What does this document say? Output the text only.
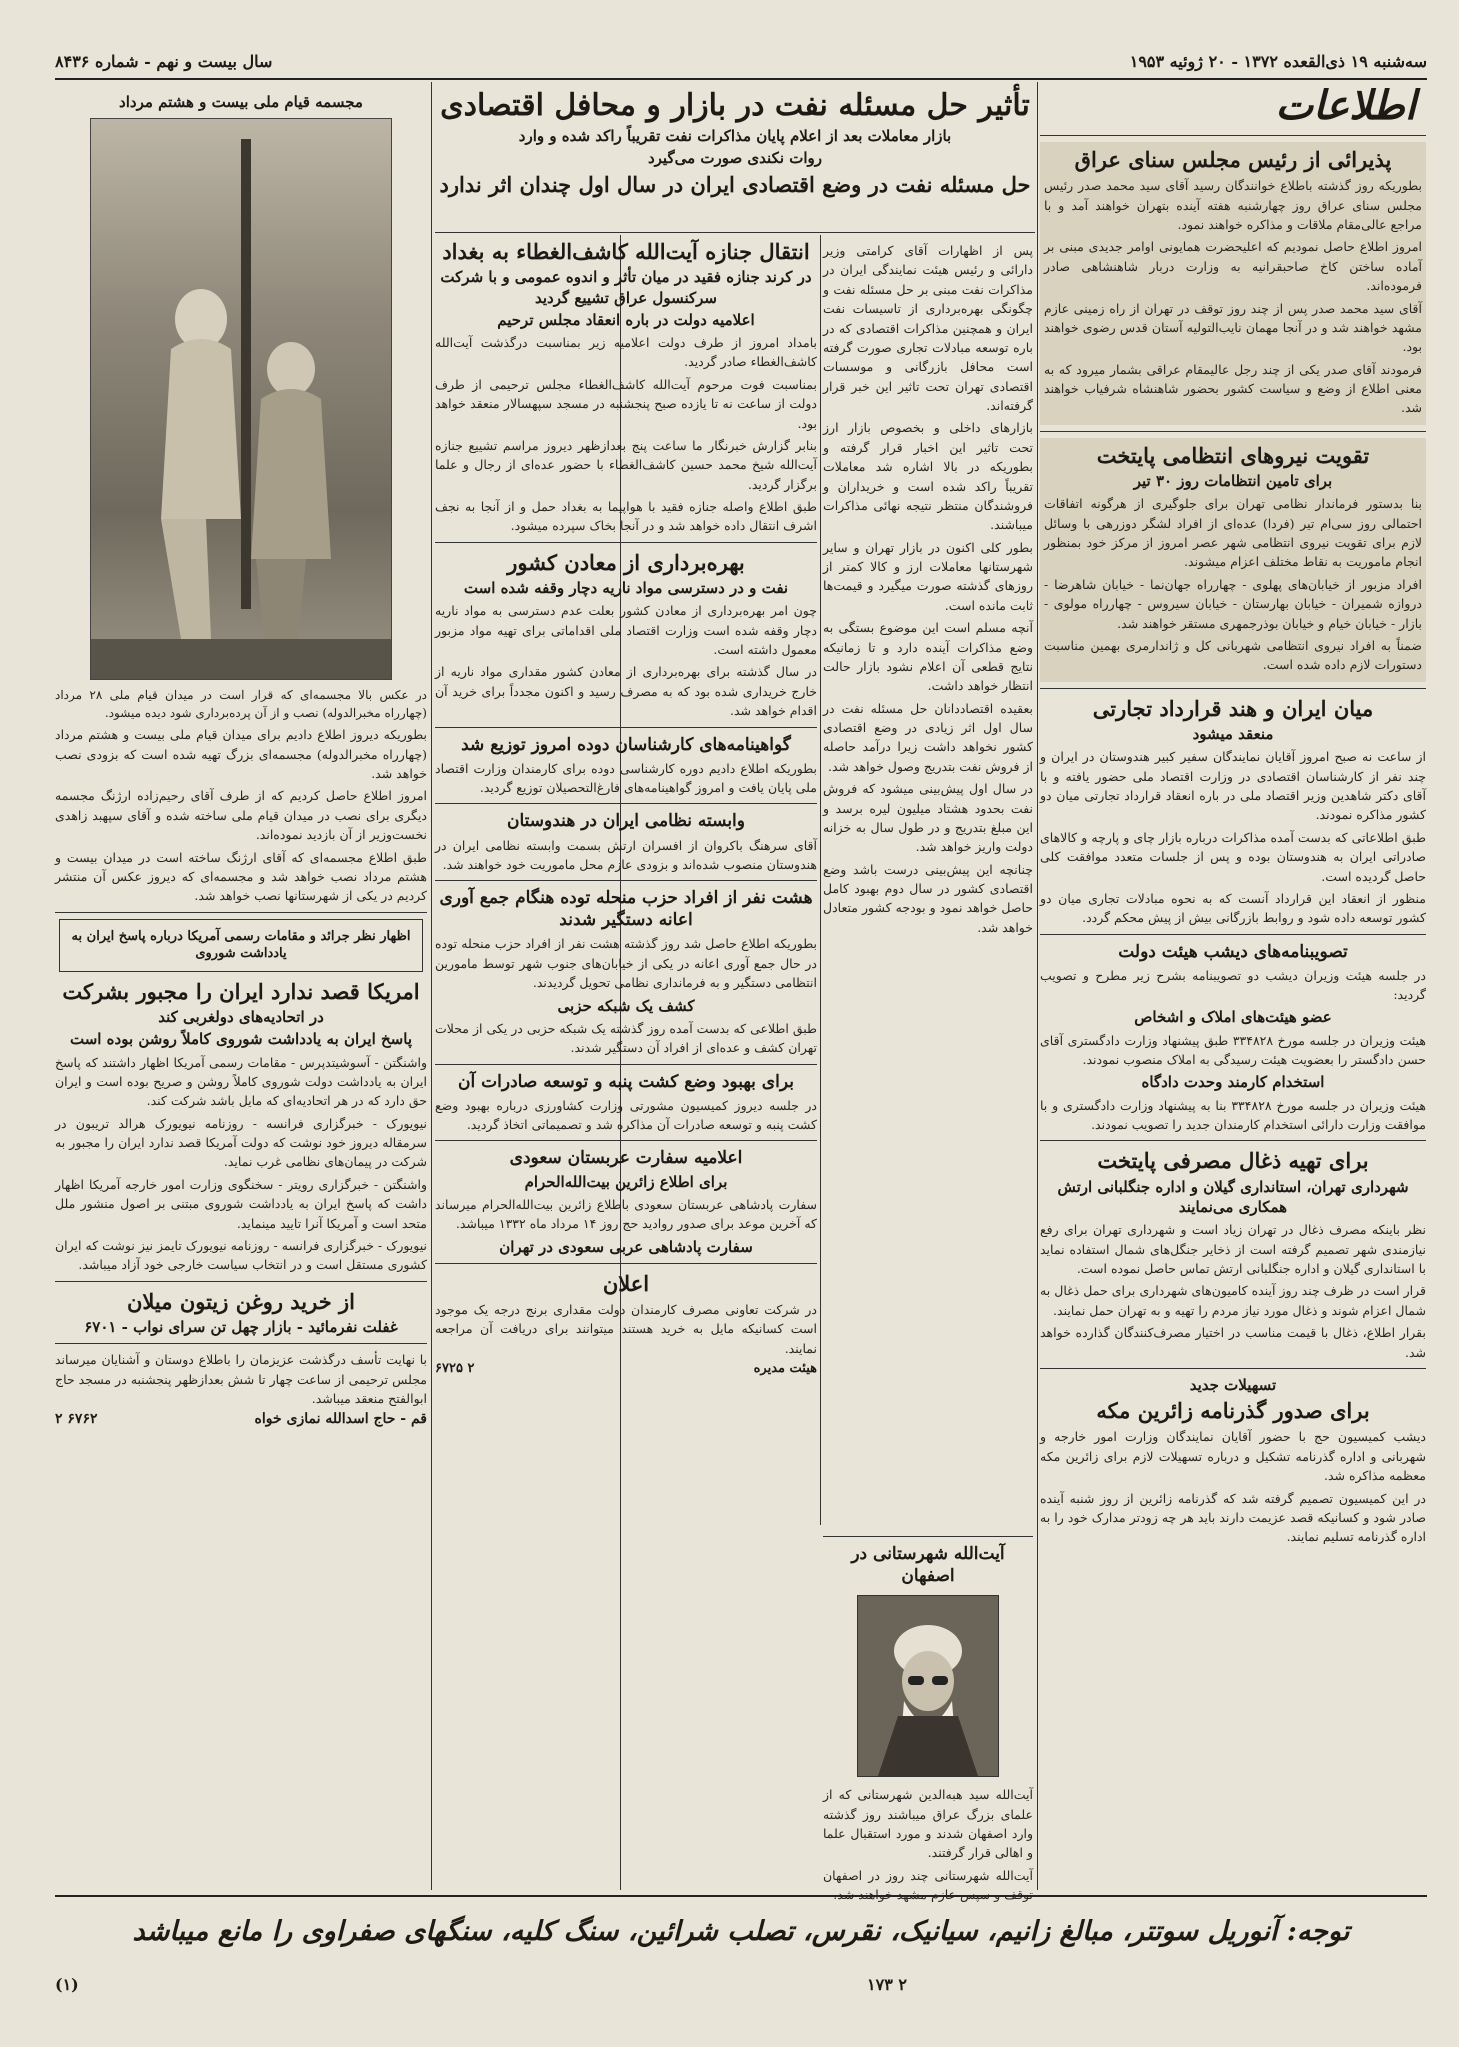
سه‌شنبه ۱۹ ذی‌القعده ۱۳۷۲ - ۲۰ ژوئیه ۱۹۵۳
سال بیست و نهم - شماره ۸۴۳۶
اطلاعات
پذیرائی از رئیس مجلس سنای عراق

بطوریکه روز گذشته باطلاع خوانندگان رسید آقای سید محمد صدر رئیس مجلس سنای عراق روز چهارشنبه هفته آینده بتهران خواهند آمد و با مراجع عالی‌مقام ملاقات و مذاکره خواهند نمود.

امروز اطلاع حاصل نمودیم که اعلیحضرت همایونی اوامر جدیدی مبنی بر آماده ساختن کاخ صاحبقرانیه به وزارت دربار شاهنشاهی صادر فرموده‌اند.

آقای سید محمد صدر پس از چند روز توقف در تهران از راه زمینی عازم مشهد خواهند شد و در آنجا مهمان نایب‌التولیه آستان قدس رضوی خواهند بود.

فرمودند آقای صدر یکی از چند رجل عالیمقام عراقی بشمار میرود که به معنی اطلاع از وضع و سیاست کشور بحضور شاهنشاه شرفیاب خواهند شد.

تقویت نیروهای انتظامی پایتخت
برای تامین انتظامات روز ۳۰ تیر

بنا بدستور فرماندار نظامی تهران برای جلوگیری از هرگونه اتفاقات احتمالی روز سی‌ام تیر (فردا) عده‌ای از افراد لشگر دوزرهی با وسائل لازم برای تقویت نیروی انتظامی شهر عصر امروز از مرکز خود بمنظور انجام ماموریت به نقاط مختلف اعزام میشوند.

افراد مزبور از خیابان‌های پهلوی - چهارراه جهان‌نما - خیابان شاهرضا - دروازه شمیران - خیابان بهارستان - خیابان سیروس - چهارراه مولوی - بازار - خیابان خیام و خیابان بوذرجمهری مستقر خواهند شد.

ضمناً به افراد نیروی انتظامی شهربانی کل و ژاندارمری بهمین مناسبت دستورات لازم داده شده است.

میان ایران و هند قرارداد تجارتی
منعقد میشود

از ساعت نه صبح امروز آقایان نمایندگان سفیر کبیر هندوستان در ایران و چند نفر از کارشناسان اقتصادی در وزارت اقتصاد ملی حضور یافته و با آقای دکتر شاهدین وزیر اقتصاد ملی در باره انعقاد قرارداد تجارتی میان دو کشور مذاکره نمودند.

طبق اطلاعاتی که بدست آمده مذاکرات درباره بازار چای و پارچه و کالاهای صادراتی ایران به هندوستان بوده و پس از جلسات متعدد موافقت کلی حاصل گردیده است.

منظور از انعقاد این قرارداد آنست که به نحوه مبادلات تجاری میان دو کشور توسعه داده شود و روابط بازرگانی بیش از پیش محکم گردد.

تصویبنامه‌های دیشب هیئت دولت

در جلسه هیئت وزیران دیشب دو تصویبنامه بشرح زیر مطرح و تصویب گردید:

عضو هیئت‌های املاک و اشخاص

هیئت وزیران در جلسه مورخ ۳۳۴۸۲۸ طبق پیشنهاد وزارت دادگستری آقای حسن دادگستر را بعضویت هیئت رسیدگی به املاک منصوب نمودند.

استخدام کارمند وحدت دادگاه

هیئت وزیران در جلسه مورخ ۳۳۴۸۲۸ بنا به پیشنهاد وزارت دادگستری و با موافقت وزارت دارائی استخدام کارمندان جدید را تصویب نمودند.

برای تهیه ذغال مصرفی پایتخت
شهرداری تهران، استانداری گیلان و اداره جنگلبانی ارتش همکاری می‌نمایند

نظر باینکه مصرف ذغال در تهران زیاد است و شهرداری تهران برای رفع نیازمندی شهر تصمیم گرفته است از ذخایر جنگل‌های شمال استفاده نماید با استانداری گیلان و اداره جنگلبانی ارتش تماس حاصل نموده است.

قرار است در ظرف چند روز آینده کامیون‌های شهرداری برای حمل ذغال به شمال اعزام شوند و ذغال مورد نیاز مردم را تهیه و به تهران حمل نمایند.

بقرار اطلاع، ذغال با قیمت مناسب در اختیار مصرف‌کنندگان گذارده خواهد شد.

تسهیلات جدید
برای صدور گذرنامه زائرین مکه

دیشب کمیسیون حج با حضور آقایان نمایندگان وزارت امور خارجه و شهربانی و اداره گذرنامه تشکیل و درباره تسهیلات لازم برای زائرین مکه معظمه مذاکره شد.

در این کمیسیون تصمیم گرفته شد که گذرنامه زائرین از روز شنبه آینده صادر شود و کسانیکه قصد عزیمت دارند باید هر چه زودتر مدارک خود را به اداره گذرنامه تسلیم نمایند.

تأثیر حل مسئله نفت در بازار و محافل اقتصادی
بازار معاملات بعد از اعلام پایان مذاکرات نفت تقریباً راکد شده و وارد
روات نکندی صورت می‌گیرد
حل مسئله نفت در وضع اقتصادی ایران در سال اول چندان اثر ندارد

پس از اظهارات آقای کرامتی وزیر دارائی و رئیس هیئت نمایندگی ایران در مذاکرات نفت مبنی بر حل مسئله نفت و چگونگی بهره‌برداری از تاسیسات نفت ایران و همچنین مذاکرات اقتصادی که در باره توسعه مبادلات تجاری صورت گرفته است محافل بازرگانی و موسسات اقتصادی تهران تحت تاثیر این خبر قرار گرفته‌اند.

بازارهای داخلی و بخصوص بازار ارز تحت تاثیر این اخبار قرار گرفته و بطوریکه در بالا اشاره شد معاملات تقریباً راکد شده است و خریداران و فروشندگان منتظر نتیجه نهائی مذاکرات میباشند.

بطور کلی اکنون در بازار تهران و سایر شهرستانها معاملات ارز و کالا کمتر از روزهای گذشته صورت میگیرد و قیمت‌ها ثابت مانده است.

آنچه مسلم است این موضوع بستگی به وضع مذاکرات آینده دارد و تا زمانیکه نتایج قطعی آن اعلام نشود بازار حالت انتظار خواهد داشت.

بعقیده اقتصاددانان حل مسئله نفت در سال اول اثر زیادی در وضع اقتصادی کشور نخواهد داشت زیرا درآمد حاصله از فروش نفت بتدریج وصول خواهد شد.

در سال اول پیش‌بینی میشود که فروش نفت بحدود هشتاد میلیون لیره برسد و این مبلغ بتدریج و در طول سال به خزانه دولت واریز خواهد شد.

چنانچه این پیش‌بینی درست باشد وضع اقتصادی کشور در سال دوم بهبود کامل حاصل خواهد نمود و بودجه کشور متعادل خواهد شد.

آیت‌الله شهرستانی در اصفهان

آیت‌الله سید هبه‌الدین شهرستانی که از علمای بزرگ عراق میباشند روز گذشته وارد اصفهان شدند و مورد استقبال علما و اهالی قرار گرفتند.

آیت‌الله شهرستانی چند روز در اصفهان توقف و سپس عازم مشهد خواهند شد.

انتقال جنازه آیت‌الله کاشف‌الغطاء به بغداد
در کرند جنازه فقید در میان تأثر و اندوه عمومی و با شرکت سرکنسول عراق تشییع گردید
اعلامیه دولت در باره انعقاد مجلس ترحیم

بامداد امروز از طرف دولت اعلامیه زیر بمناسبت درگذشت آیت‌الله کاشف‌الغطاء صادر گردید.

بمناسبت فوت مرحوم آیت‌الله کاشف‌الغطاء مجلس ترحیمی از طرف دولت از ساعت نه تا یازده صبح پنجشنبه در مسجد سپهسالار منعقد خواهد بود.

بنابر گزارش خبرنگار ما ساعت پنج بعدازظهر دیروز مراسم تشییع جنازه آیت‌الله شیخ محمد حسین کاشف‌الغطاء با حضور عده‌ای از رجال و علما برگزار گردید.

طبق اطلاع واصله جنازه فقید با هواپیما به بغداد حمل و از آنجا به نجف اشرف انتقال داده خواهد شد و در آنجا بخاک سپرده میشود.

بهره‌برداری از معادن کشور
نفت و در دسترسی مواد ناریه دچار وقفه شده است

چون امر بهره‌برداری از معادن کشور بعلت عدم دسترسی به مواد ناریه دچار وقفه شده است وزارت اقتصاد ملی اقداماتی برای تهیه مواد مزبور معمول داشته است.

در سال گذشته برای بهره‌برداری از معادن کشور مقداری مواد ناریه از خارج خریداری شده بود که به مصرف رسید و اکنون مجدداً برای خرید آن اقدام خواهد شد.

گواهینامه‌های کارشناسان دوده امروز توزیع شد

بطوریکه اطلاع دادیم دوره کارشناسی دوده برای کارمندان وزارت اقتصاد ملی پایان یافت و امروز گواهینامه‌های فارغ‌التحصیلان توزیع گردید.

وابسته نظامی ایران در هندوستان

آقای سرهنگ باکروان از افسران ارتش بسمت وابسته نظامی ایران در هندوستان منصوب شده‌اند و بزودی عازم محل ماموریت خود خواهند شد.

هشت نفر از افراد حزب منحله توده هنگام جمع آوری اعانه دستگیر شدند

بطوریکه اطلاع حاصل شد روز گذشته هشت نفر از افراد حزب منحله توده در حال جمع آوری اعانه در یکی از خیابان‌های جنوب شهر توسط مامورین انتظامی دستگیر و به فرمانداری نظامی تحویل گردیدند.

کشف یک شبکه حزبی

طبق اطلاعی که بدست آمده روز گذشته یک شبکه حزبی در یکی از محلات تهران کشف و عده‌ای از افراد آن دستگیر شدند.

برای بهبود وضع کشت پنبه و توسعه صادرات آن

در جلسه دیروز کمیسیون مشورتی وزارت کشاورزی درباره بهبود وضع کشت پنبه و توسعه صادرات آن مذاکره شد و تصمیماتی اتخاذ گردید.

اعلامیه سفارت عربستان سعودی
برای اطلاع زائرین بیت‌الله‌الحرام

سفارت پادشاهی عربستان سعودی باطلاع زائرین بیت‌الله‌الحرام میرساند که آخرین موعد برای صدور روادید حج روز ۱۴ مرداد ماه ۱۳۳۲ میباشد.

سفارت پادشاهی عربی سعودی در تهران
اعلان

در شرکت تعاونی مصرف کارمندان دولت مقداری برنج درجه یک موجود است کسانیکه مایل به خرید هستند میتوانند برای دریافت آن مراجعه نمایند.

هیئت مدیره
۲ ۶۷۲۵
مجسمه قیام ملی بیست و هشتم مرداد

در عکس بالا مجسمه‌ای که قرار است در میدان قیام ملی ۲۸ مرداد (چهارراه مخبرالدوله) نصب و از آن پرده‌برداری شود دیده میشود.

بطوریکه دیروز اطلاع دادیم برای میدان قیام ملی بیست و هشتم مرداد (چهارراه مخبرالدوله) مجسمه‌ای بزرگ تهیه شده است که بزودی نصب خواهد شد.

امروز اطلاع حاصل کردیم که از طرف آقای رحیم‌زاده ارژنگ مجسمه دیگری برای نصب در میدان قیام ملی ساخته شده و آقای سپهبد زاهدی نخست‌وزیر از آن بازدید نموده‌اند.

طبق اطلاع مجسمه‌ای که آقای ارژنگ ساخته است در میدان بیست و هشتم مرداد نصب خواهد شد و مجسمه‌ای که دیروز عکس آن منتشر کردیم در یکی از شهرستانها نصب خواهد شد.

اظهار نظر جرائد و مقامات رسمی آمریکا درباره پاسخ ایران به یادداشت شوروی
امریکا قصد ندارد ایران را مجبور بشرکت
در اتحادیه‌های دولغربی کند
پاسخ ایران به یادداشت شوروی کاملاً روشن بوده است

واشنگتن - آسوشیتدپرس - مقامات رسمی آمریکا اظهار داشتند که پاسخ ایران به یادداشت دولت شوروی کاملاً روشن و صریح بوده است و ایران حق دارد که در هر اتحادیه‌ای که مایل باشد شرکت کند.

نیویورک - خبرگزاری فرانسه - روزنامه نیویورک هرالد تریبون در سرمقاله دیروز خود نوشت که دولت آمریکا قصد ندارد ایران را مجبور به شرکت در پیمان‌های نظامی غرب نماید.

واشنگتن - خبرگزاری رویتر - سخنگوی وزارت امور خارجه آمریکا اظهار داشت که پاسخ ایران به یادداشت شوروی مبتنی بر اصول منشور ملل متحد است و آمریکا آنرا تایید مینماید.

نیویورک - خبرگزاری فرانسه - روزنامه نیویورک تایمز نیز نوشت که ایران کشوری مستقل است و در انتخاب سیاست خارجی خود آزاد میباشد.

از خرید روغن زیتون میلان
غفلت نفرمائید - بازار چهل تن سرای نواب - ۶۷۰۱

با نهایت تأسف درگذشت عزیزمان را باطلاع دوستان و آشنایان میرساند مجلس ترحیمی از ساعت چهار تا شش بعدازظهر پنجشنبه در مسجد حاج ابوالفتح منعقد میباشد.

قم - حاج اسدالله نمازی خواه
۶۷۶۲ ۲
توجه: آنوریل سوتتر، مبالغ زانیم، سیانیک، نقرس، تصلب شرائین، سنگ کلیه، سنگهای صفراوی را مانع میباشد
۲ ۱۷۳
(۱)
